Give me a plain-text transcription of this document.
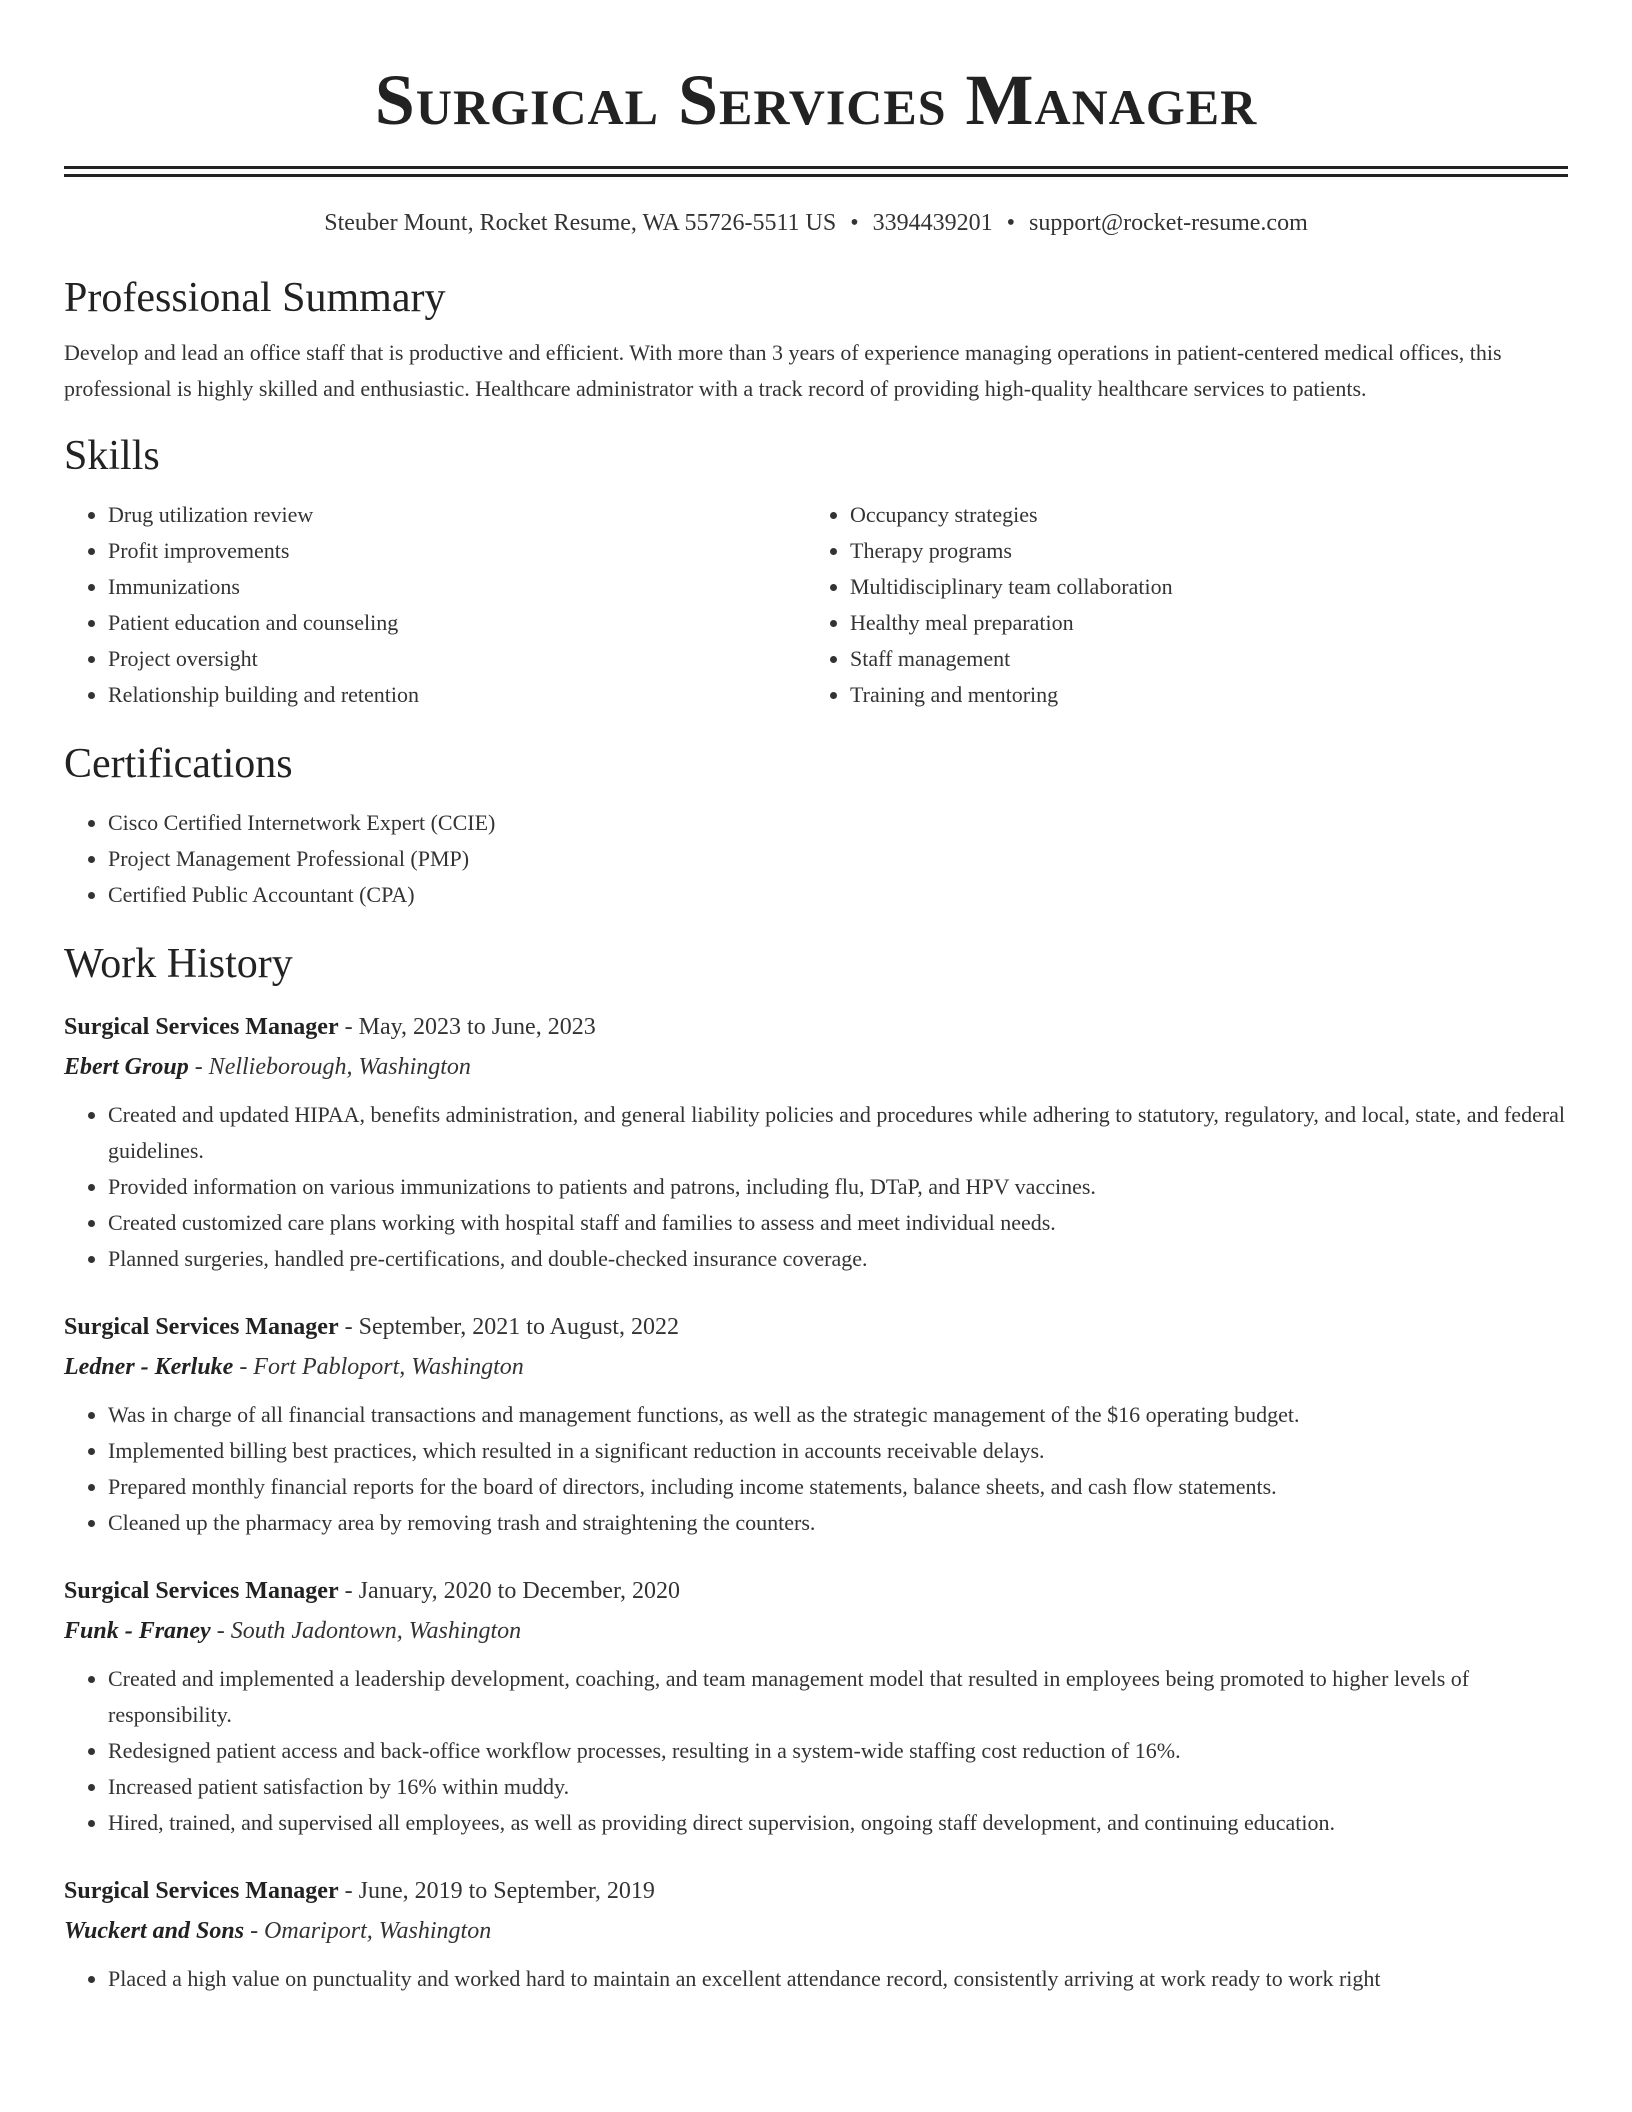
Surgical Services Manager
Steuber Mount, Rocket Resume, WA 55726-5511 US • 3394439201 • support@rocket-resume.com
Professional Summary

Develop and lead an office staff that is productive and efficient. With more than 3 years of experience managing operations in patient-centered medical offices, this professional is highly skilled and enthusiastic. Healthcare administrator with a track record of providing high-quality healthcare services to patients.

Skills
• Drug utilization review
• Profit improvements
• Immunizations
• Patient education and counseling
• Project oversight
• Relationship building and retention
• Occupancy strategies
• Therapy programs
• Multidisciplinary team collaboration
• Healthy meal preparation
• Staff management
• Training and mentoring
Certifications
• Cisco Certified Internetwork Expert (CCIE)
• Project Management Professional (PMP)
• Certified Public Accountant (CPA)
Work History
Surgical Services Manager - May, 2023 to June, 2023
Ebert Group - Nellieborough, Washington
• Created and updated HIPAA, benefits administration, and general liability policies and procedures while adhering to statutory, regulatory, and local, state, and federal guidelines.
• Provided information on various immunizations to patients and patrons, including flu, DTaP, and HPV vaccines.
• Created customized care plans working with hospital staff and families to assess and meet individual needs.
• Planned surgeries, handled pre-certifications, and double-checked insurance coverage.
Surgical Services Manager - September, 2021 to August, 2022
Ledner - Kerluke - Fort Pabloport, Washington
• Was in charge of all financial transactions and management functions, as well as the strategic management of the $16 operating budget.
• Implemented billing best practices, which resulted in a significant reduction in accounts receivable delays.
• Prepared monthly financial reports for the board of directors, including income statements, balance sheets, and cash flow statements.
• Cleaned up the pharmacy area by removing trash and straightening the counters.
Surgical Services Manager - January, 2020 to December, 2020
Funk - Franey - South Jadontown, Washington
• Created and implemented a leadership development, coaching, and team management model that resulted in employees being promoted to higher levels of responsibility.
• Redesigned patient access and back-office workflow processes, resulting in a system-wide staffing cost reduction of 16%.
• Increased patient satisfaction by 16% within muddy.
• Hired, trained, and supervised all employees, as well as providing direct supervision, ongoing staff development, and continuing education.
Surgical Services Manager - June, 2019 to September, 2019
Wuckert and Sons - Omariport, Washington
• Placed a high value on punctuality and worked hard to maintain an excellent attendance record, consistently arriving at work ready to work right
